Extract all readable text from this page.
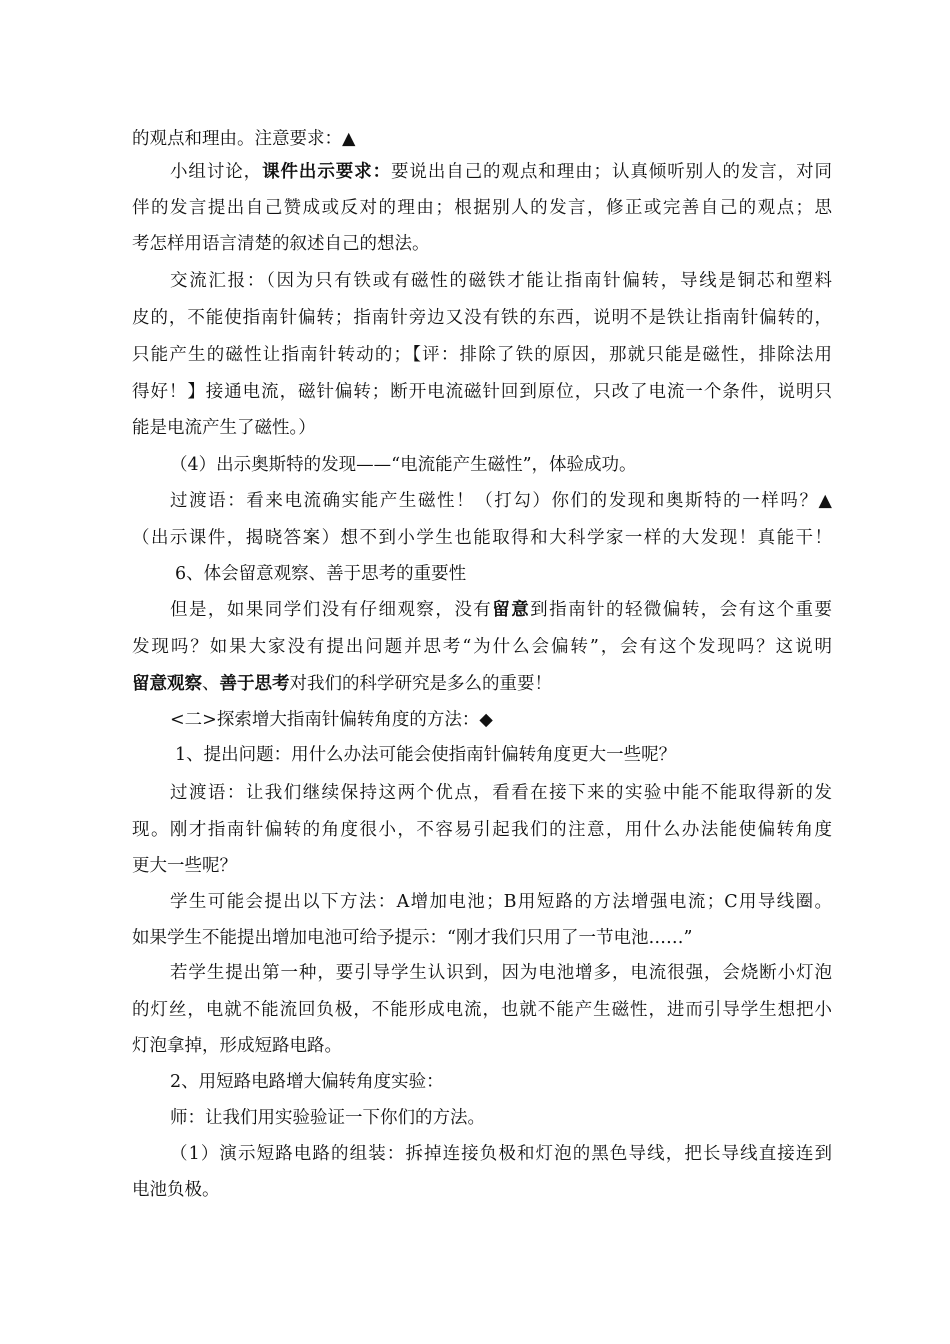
的观点和理由。注意要求：▲
小组讨论，课件出示要求：要说出自己的观点和理由；认真倾听别人的发言，对同
伴的发言提出自己赞成或反对的理由；根据别人的发言，修正或完善自己的观点；思
考怎样用语言清楚的叙述自己的想法。
交流汇报：（因为只有铁或有磁性的磁铁才能让指南针偏转，导线是铜芯和塑料
皮的，不能使指南针偏转；指南针旁边又没有铁的东西，说明不是铁让指南针偏转的，
只能产生的磁性让指南针转动的；【评：排除了铁的原因，那就只能是磁性，排除法用
得好！】接通电流，磁针偏转；断开电流磁针回到原位，只改了电流一个条件，说明只
能是电流产生了磁性。）
（4）出示奥斯特的发现——“电流能产生磁性”，体验成功。
过渡语：看来电流确实能产生磁性！（打勾）你们的发现和奥斯特的一样吗？▲
（出示课件，揭晓答案）想不到小学生也能取得和大科学家一样的大发现！真能干！
6、体会留意观察、善于思考的重要性
但是，如果同学们没有仔细观察，没有留意到指南针的轻微偏转，会有这个重要
发现吗？如果大家没有提出问题并思考“为什么会偏转”，会有这个发现吗？这说明
留意观察、善于思考对我们的科学研究是多么的重要！
<二>探索增大指南针偏转角度的方法：◆
1、提出问题：用什么办法可能会使指南针偏转角度更大一些呢？
过渡语：让我们继续保持这两个优点，看看在接下来的实验中能不能取得新的发
现。刚才指南针偏转的角度很小，不容易引起我们的注意，用什么办法能使偏转角度
更大一些呢？
学生可能会提出以下方法：A增加电池；B用短路的方法增强电流；C用导线圈。
如果学生不能提出增加电池可给予提示：“刚才我们只用了一节电池……”
若学生提出第一种，要引导学生认识到，因为电池增多，电流很强，会烧断小灯泡
的灯丝，电就不能流回负极，不能形成电流，也就不能产生磁性，进而引导学生想把小
灯泡拿掉，形成短路电路。
2、用短路电路增大偏转角度实验：
师：让我们用实验验证一下你们的方法。
（1）演示短路电路的组装：拆掉连接负极和灯泡的黑色导线，把长导线直接连到
电池负极。
